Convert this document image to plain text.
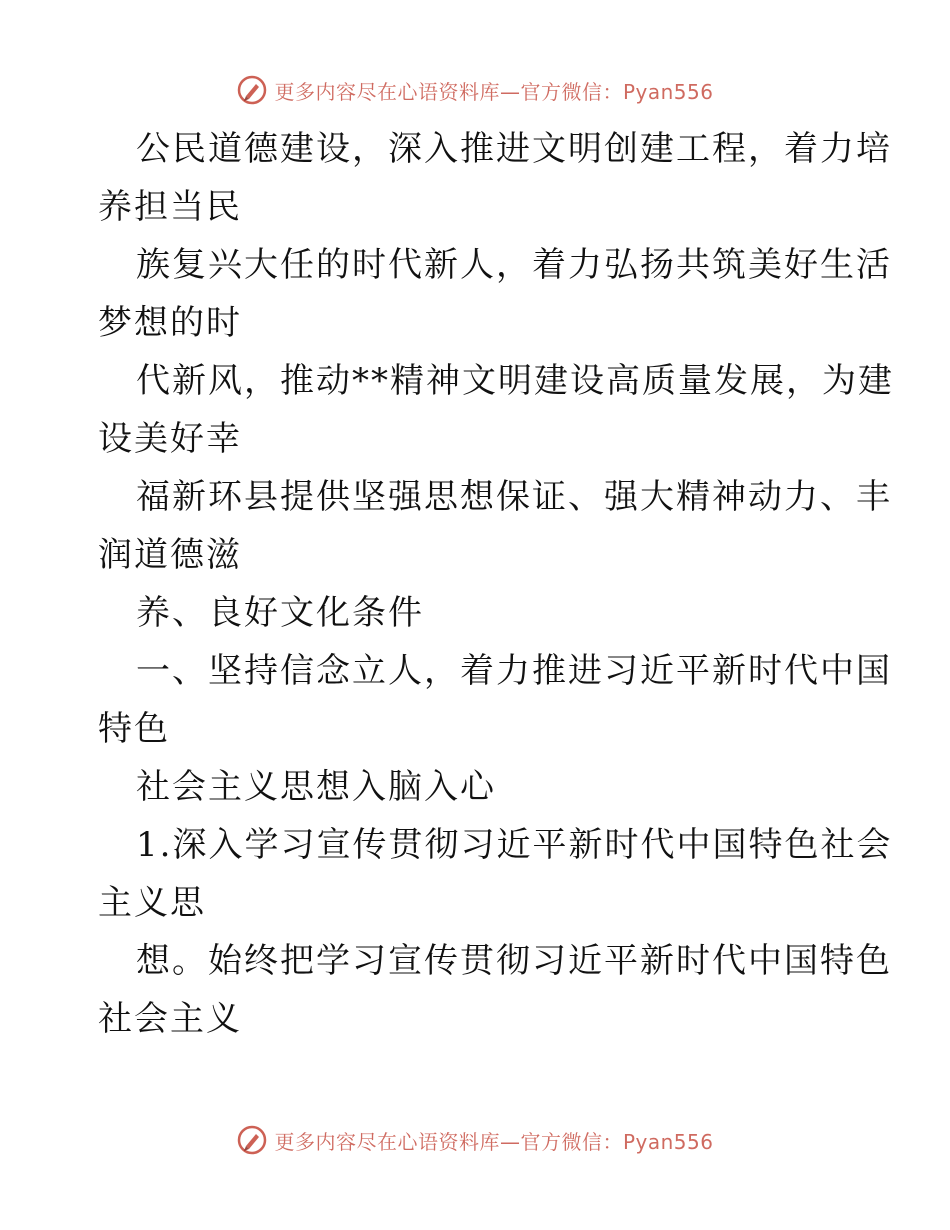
更多内容尽在心语资料库—官方微信：Pyan556
公民道德建设，深入推进文明创建工程，着力培
养担当民
族复兴大任的时代新人，着力弘扬共筑美好生活
梦想的时
代新风，推动**精神文明建设高质量发展，为建
设美好幸
福新环县提供坚强思想保证、强大精神动力、丰
润道德滋
养、良好文化条件
一、坚持信念立人，着力推进习近平新时代中国
特色
社会主义思想入脑入心
1.深入学习宣传贯彻习近平新时代中国特色社会
主义思
想。始终把学习宣传贯彻习近平新时代中国特色
社会主义
更多内容尽在心语资料库—官方微信：Pyan556
